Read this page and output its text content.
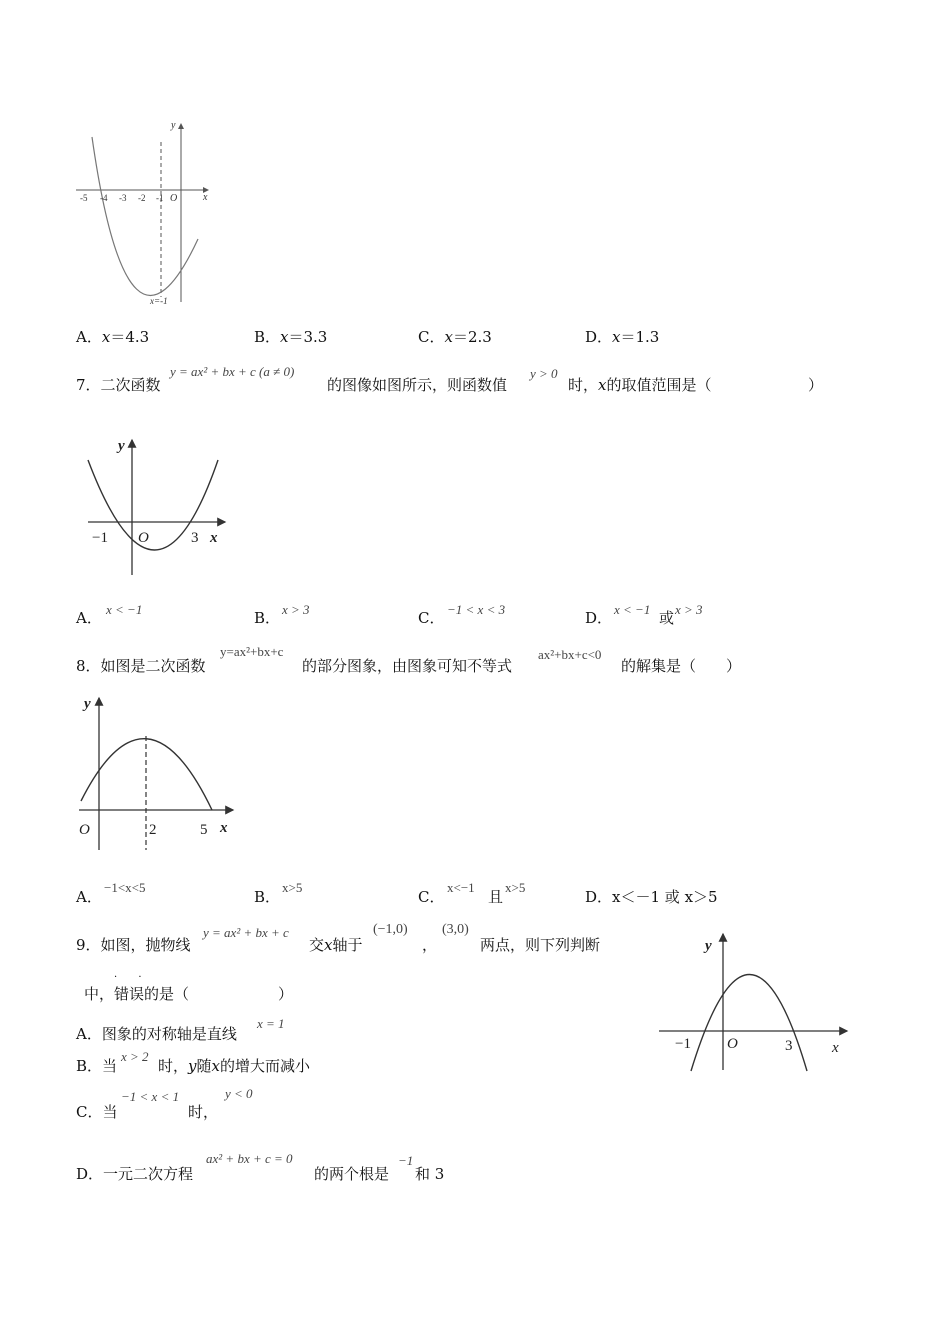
y
x
O
-5 -4 -3 -2 -1
x=-1
A．x＝4.3	B．x＝3.3	C．x＝2.3	D．x＝1.3
7．二次函数
y = ax² + bx + c (a ≠ 0)
的图像如图所示，则函数值
y > 0
时，x的取值范围是（	）
y
x
O
−1	3
A． x < −1	B． x > 3	C． −1 < x < 3	D． x < −1 或 x > 3
8．如图是二次函数
y=ax²+bx+c
的部分图象，由图象可知不等式
ax²+bx+c<0
的解集是（　　）
y
x
O	2	5
A．
−1<x<5
B．
x>5
C．
x<−1
且
x>5
D．x＜－1 或 x＞5
9．如图，抛物线
y = ax² + bx + c
交x轴于
(−1,0)
，
(3,0)
两点，则下列判断
中，错误
· ·
的是（	）
A．图象的对称轴是直线
x = 1
B．当
x > 2
时，y随x的增大而减小
C．当
−1 < x < 1
时，
y < 0
D．一元二次方程
ax² + bx + c = 0
的两个根是
−1
和 3
y
x
O
−1	3
